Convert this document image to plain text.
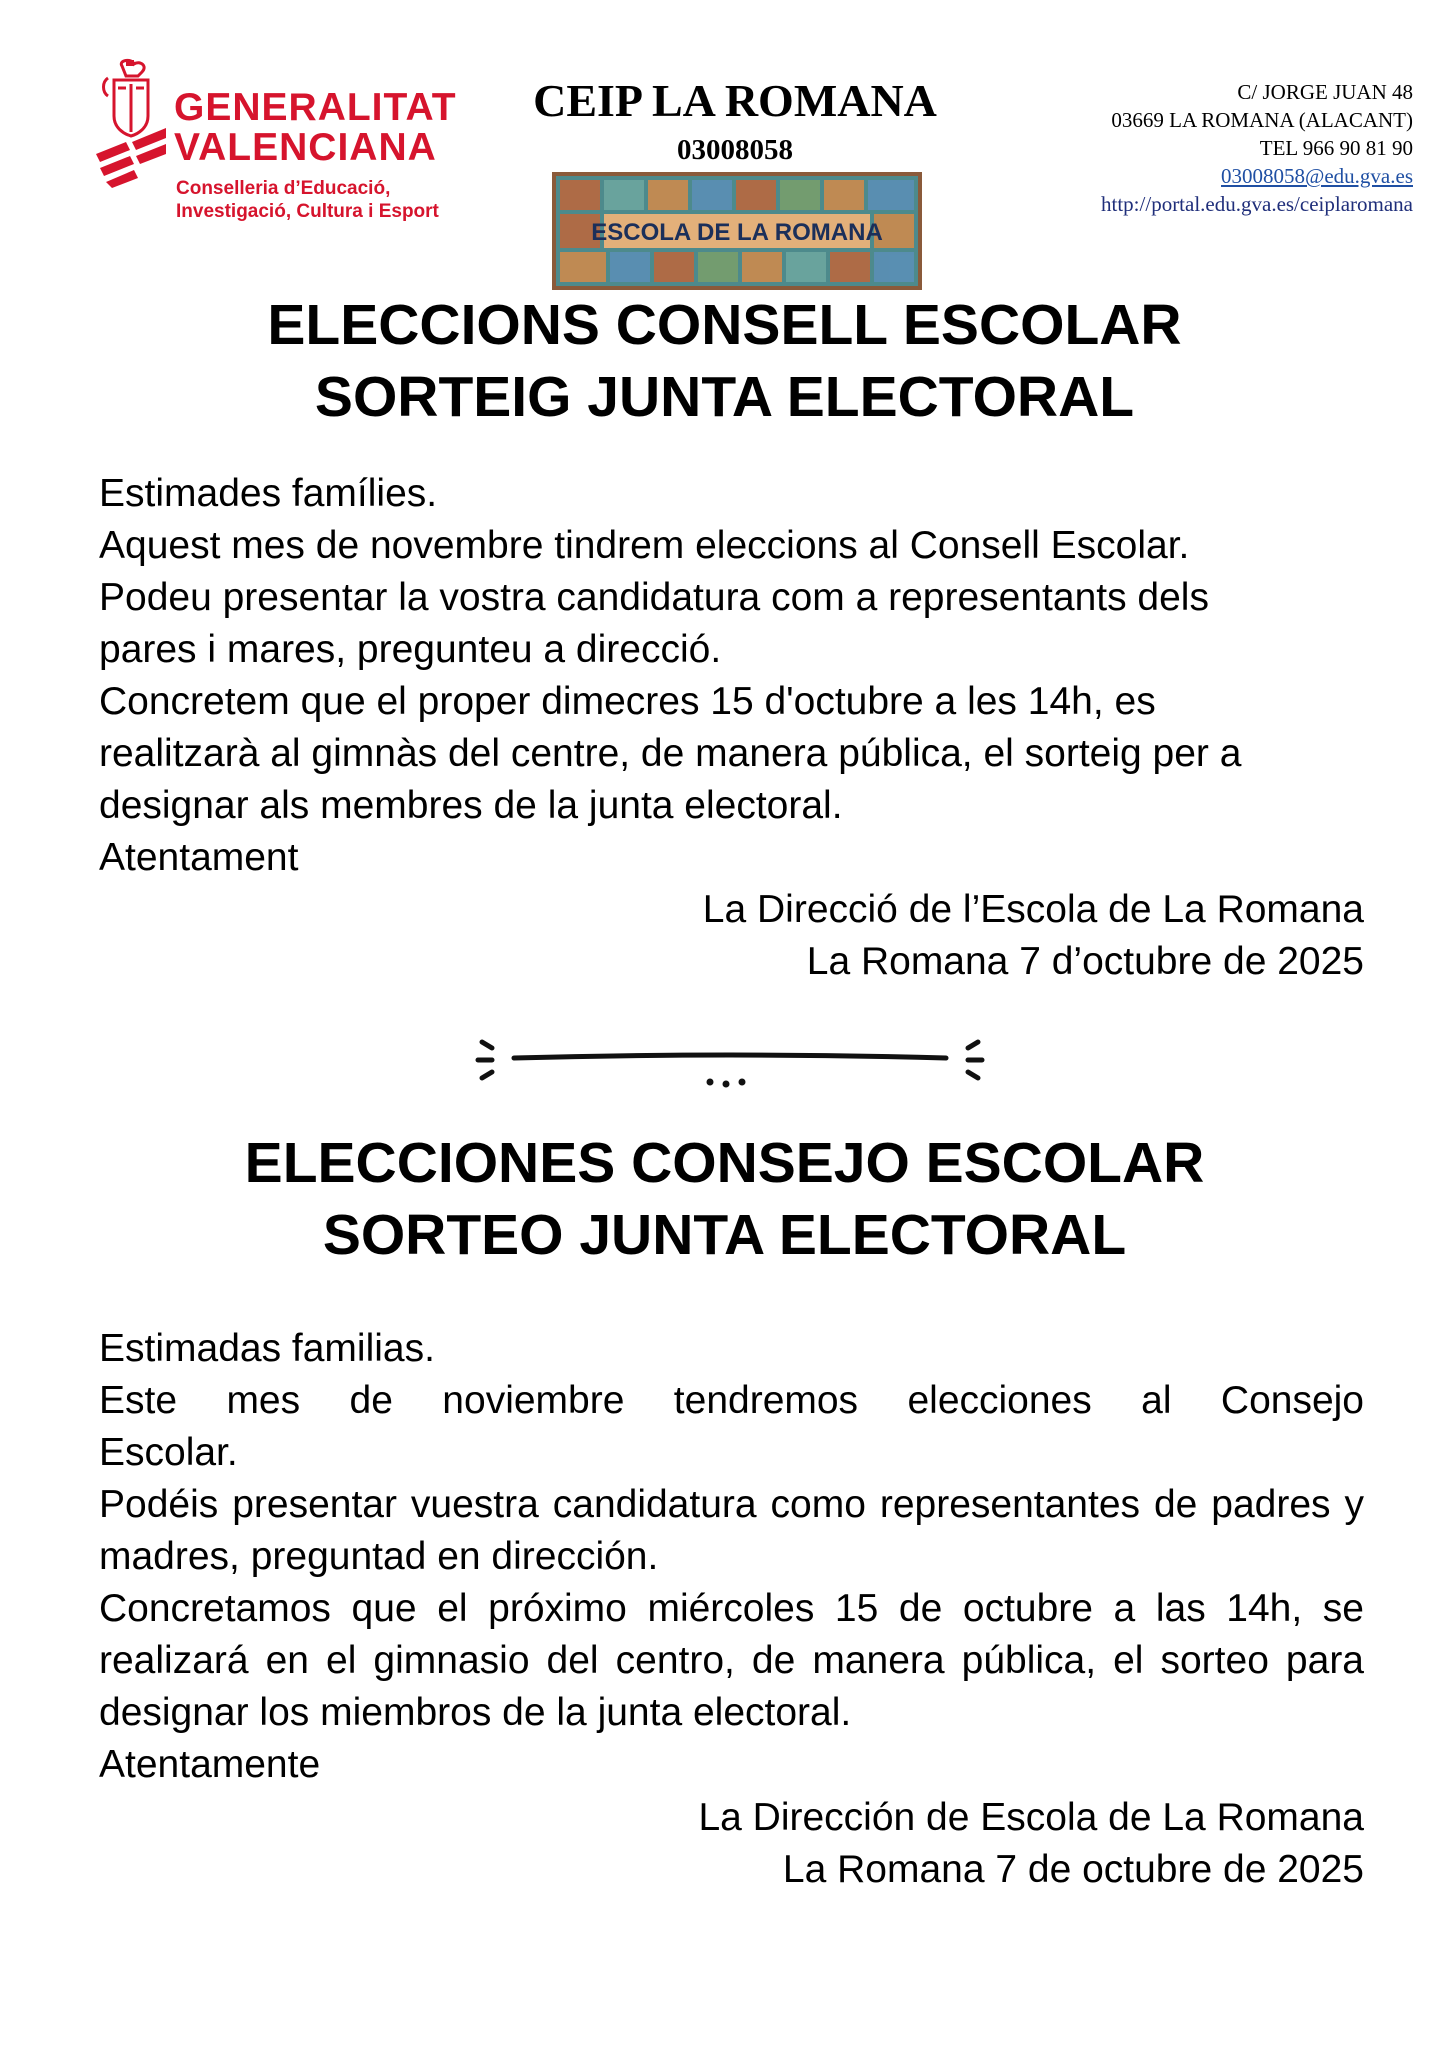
GENERALITAT
VALENCIANA
Conselleria d’Educació,
Investigació, Cultura i Esport
CEIP LA ROMANA
03008058
ESCOLA DE LA ROMANA
C/ JORGE JUAN 48
03669 LA ROMANA (ALACANT)
TEL 966 90 81 90
03008058@edu.gva.es
http://portal.edu.gva.es/ceiplaromana
ELECCIONS CONSELL ESCOLAR
SORTEIG JUNTA ELECTORAL

Estimades famílies.

Aquest mes de novembre tindrem eleccions al Consell Escolar.

Podeu presentar la vostra candidatura com a representants dels pares i mares, pregunteu a direcció.

Concretem que el proper dimecres 15 d'octubre a les 14h, es realitzarà al gimnàs del centre, de manera pública, el sorteig per a designar als membres de la junta electoral.

Atentament

La Direcció de l’Escola de La Romana
La Romana 7 d’octubre de 2025
ELECCIONES CONSEJO ESCOLAR
SORTEO JUNTA ELECTORAL

Estimadas familias.

Este mes de noviembre tendremos elecciones al Consejo

Escolar.

Podéis presentar vuestra candidatura como representantes de padres y madres, preguntad en dirección.

Concretamos que el próximo miércoles 15 de octubre a las 14h, se realizará en el gimnasio del centro, de manera pública, el sorteo para designar los miembros de la junta electoral.

Atentamente

La Dirección de Escola de La Romana
La Romana 7 de octubre de 2025
